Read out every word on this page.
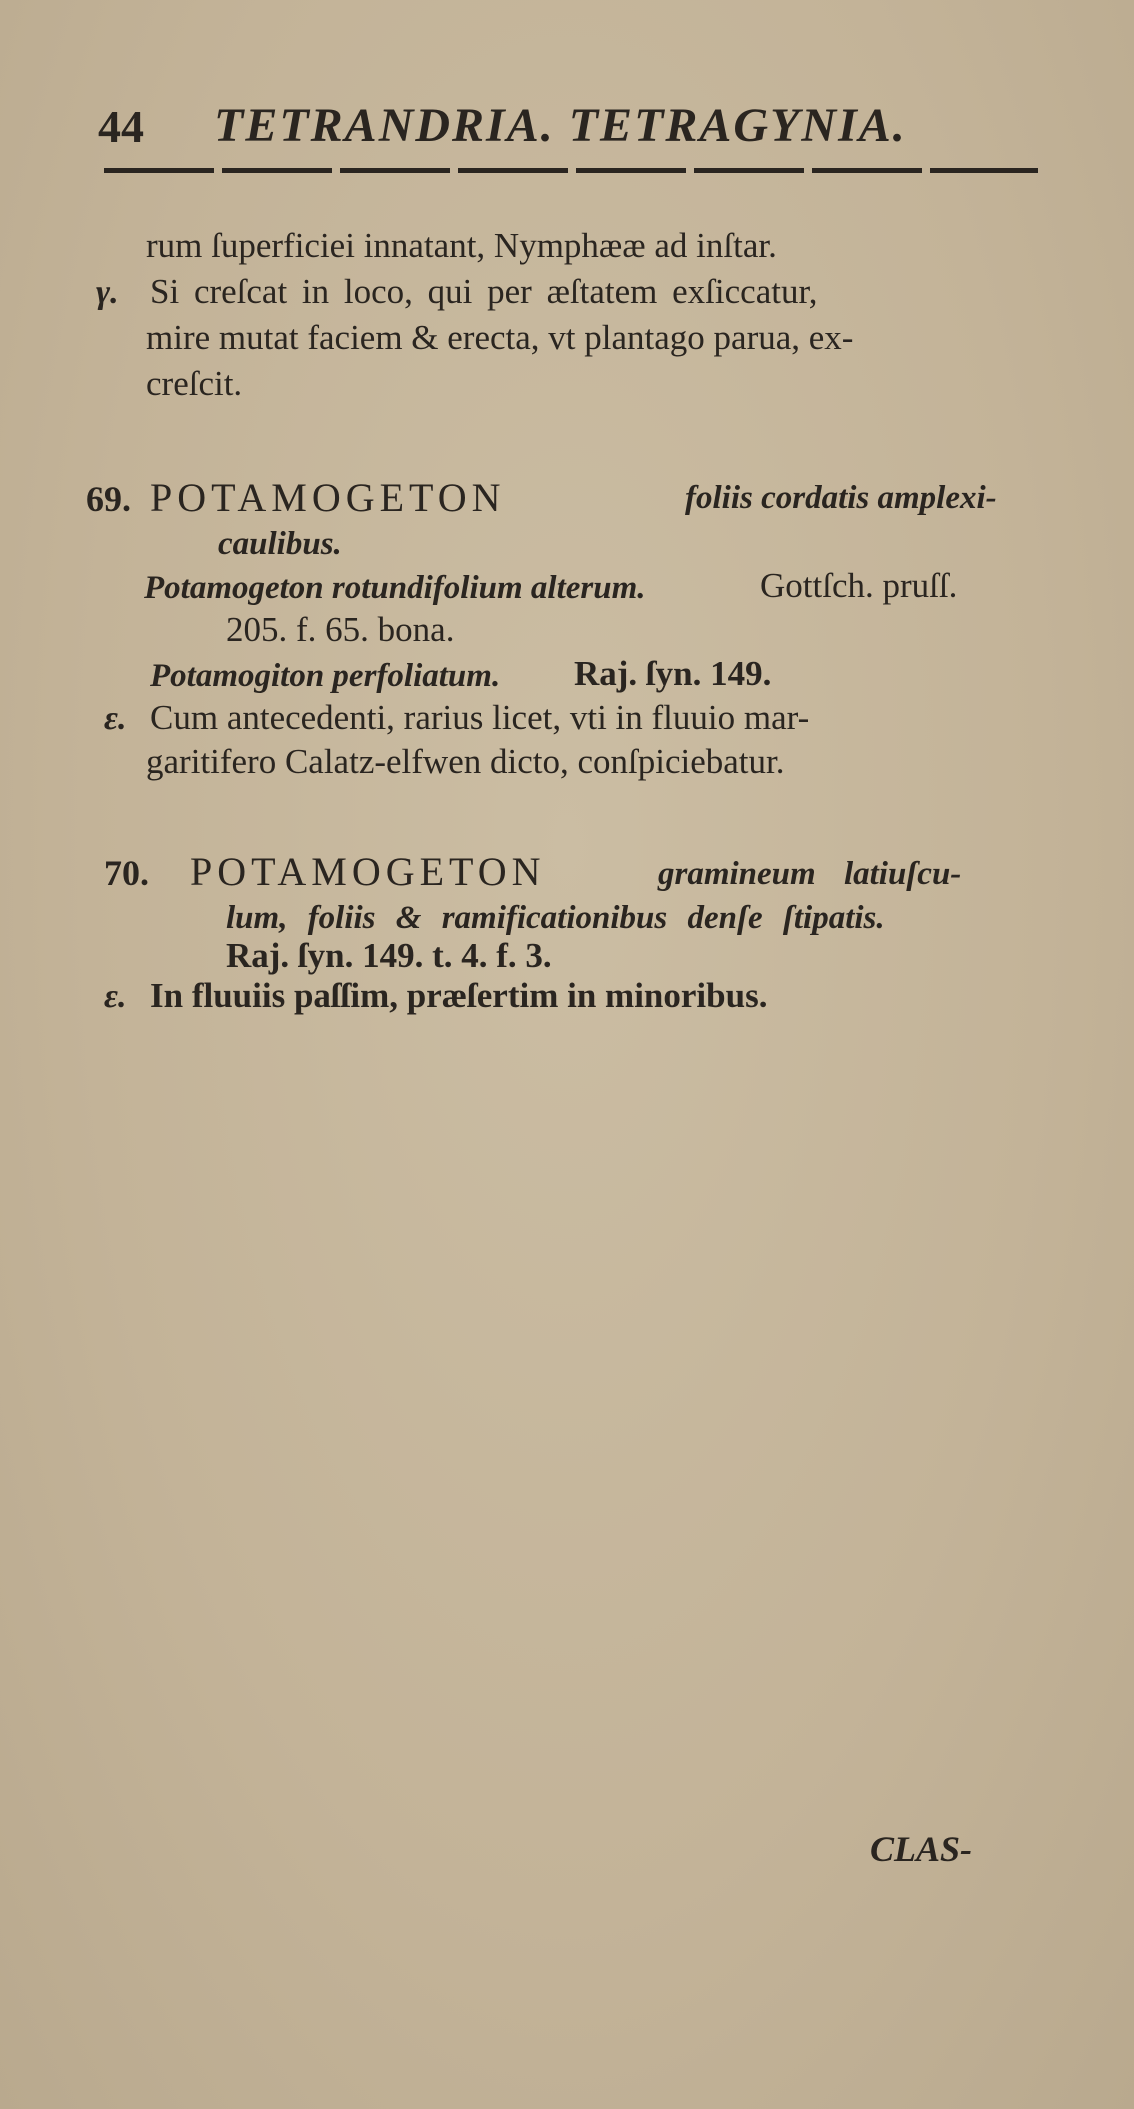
44 TETRANDRIA. TETRAGYNIA.
rum ſuperficiei innatant, Nymphææ ad inſtar.
γ. Si creſcat in loco, qui per æſtatem exſiccatur,
mire mutat faciem & erecta, vt plantago parua, ex-
creſcit.
69. POTAMOGETON	foliis cordatis amplexi-
caulibus.
Potamogeton rotundifolium alterum.	Gottſch. pruſſ.
205. f. 65. bona.
Potamogiton perfoliatum. Raj. ſyn. 149.
ε. Cum antecedenti, rarius licet, vti in fluuio mar-
garitifero Calatz-elfwen dicto, conſpiciebatur.
70. POTAMOGETON	gramineum latiuſcu-
lum, foliis & ramificationibus denſe ſtipatis.
Raj. ſyn. 149. t. 4. f. 3.
ε. In fluuiis paſſim, præſertim in minoribus.
CLAS-
